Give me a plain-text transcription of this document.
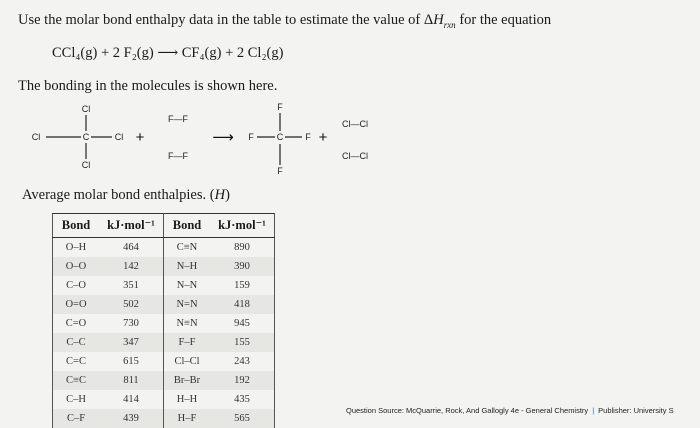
Use the molar bond enthalpy data in the table to estimate the value of $\Delta H_{rxn}$ for the equation
CCl₄(g) + 2 F₂(g) ⟶ CF₄(g) + 2 Cl₂(g)
The bonding in the molecules is shown here.
C
Cl
Cl	Cl
Cl
+
F—F
F—F
⟶	C
F
F	F
F
+
Cl—Cl
Cl—Cl
Average molar bond enthalpies. (H)
Bond	kJ·mol⁻¹	Bond	kJ·mol⁻¹
O–H	464	C≡N	890
O–O	142	N–H	390
C–O	351	N–N	159
O=O	502	N=N	418
C=O	730	N≡N	945
C–C	347	F–F	155
C=C	615	Cl–Cl	243
C≡C	811	Br–Br	192
C–H	414	H–H	435
C–F	439	H–F	565
Question Source: McQuarrie, Rock, And Gallogly 4e - General Chemistry | Publisher: University S
